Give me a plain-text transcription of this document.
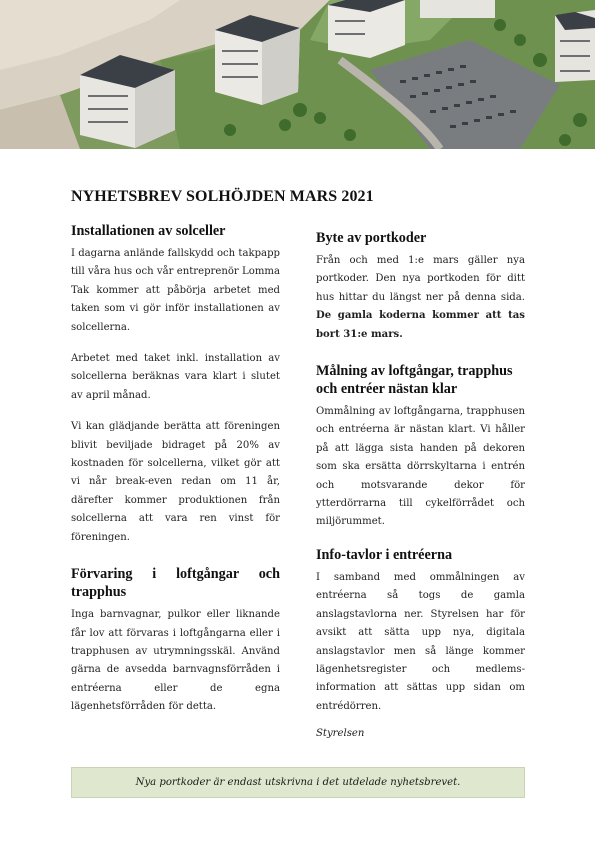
NYHETSBREV SOLHÖJDEN MARS 2021
Installationen av solceller

I dagarna anlände fallskydd och takpapp till våra hus och vår entreprenör Lomma Tak kommer att påbörja arbetet med taken som vi gör inför installationen av solcellerna.

Arbetet med taket inkl. installation av solcellerna beräknas vara klart i slutet av april månad.

Vi kan glädjande berätta att föreningen blivit beviljade bidraget på 20% av kostnaden för solcellerna, vilket gör att vi når break-even redan om 11 år, därefter kommer produktionen från solcellerna att vara ren vinst för föreningen.

Förvaring i loftgångar och trapphus

Inga barnvagnar, pulkor eller liknande får lov att förvaras i loftgångarna eller i trapphusen av utrymningsskäl. Använd gärna de avsedda barnvagnsförråden i entréerna eller de egna lägenhetsförråden för detta.

Byte av portkoder

Från och med 1:e mars gäller nya portkoder. Den nya portkoden för ditt hus hittar du längst ner på denna sida. De gamla koderna kommer att tas bort 31:e mars.

Målning av loftgångar, trapphus och entréer nästan klar

Ommålning av loftgångarna, trapphusen och entréerna är nästan klart. Vi håller på att lägga sista handen på dekoren som ska ersätta dörrskyltarna i entrén och motsvarande dekor för ytterdörrarna till cykelförrådet och miljörummet.

Info-tavlor i entréerna

I samband med ommålningen av entréerna så togs de gamla anslagstavlorna ner. Styrelsen har för avsikt att sätta upp nya, digitala anslagstavlor men så länge kommer lägenhetsregister och medlems-information att sättas upp sidan om entrédörren.

Styrelsen
Nya portkoder är endast utskrivna i det utdelade nyhetsbrevet.
